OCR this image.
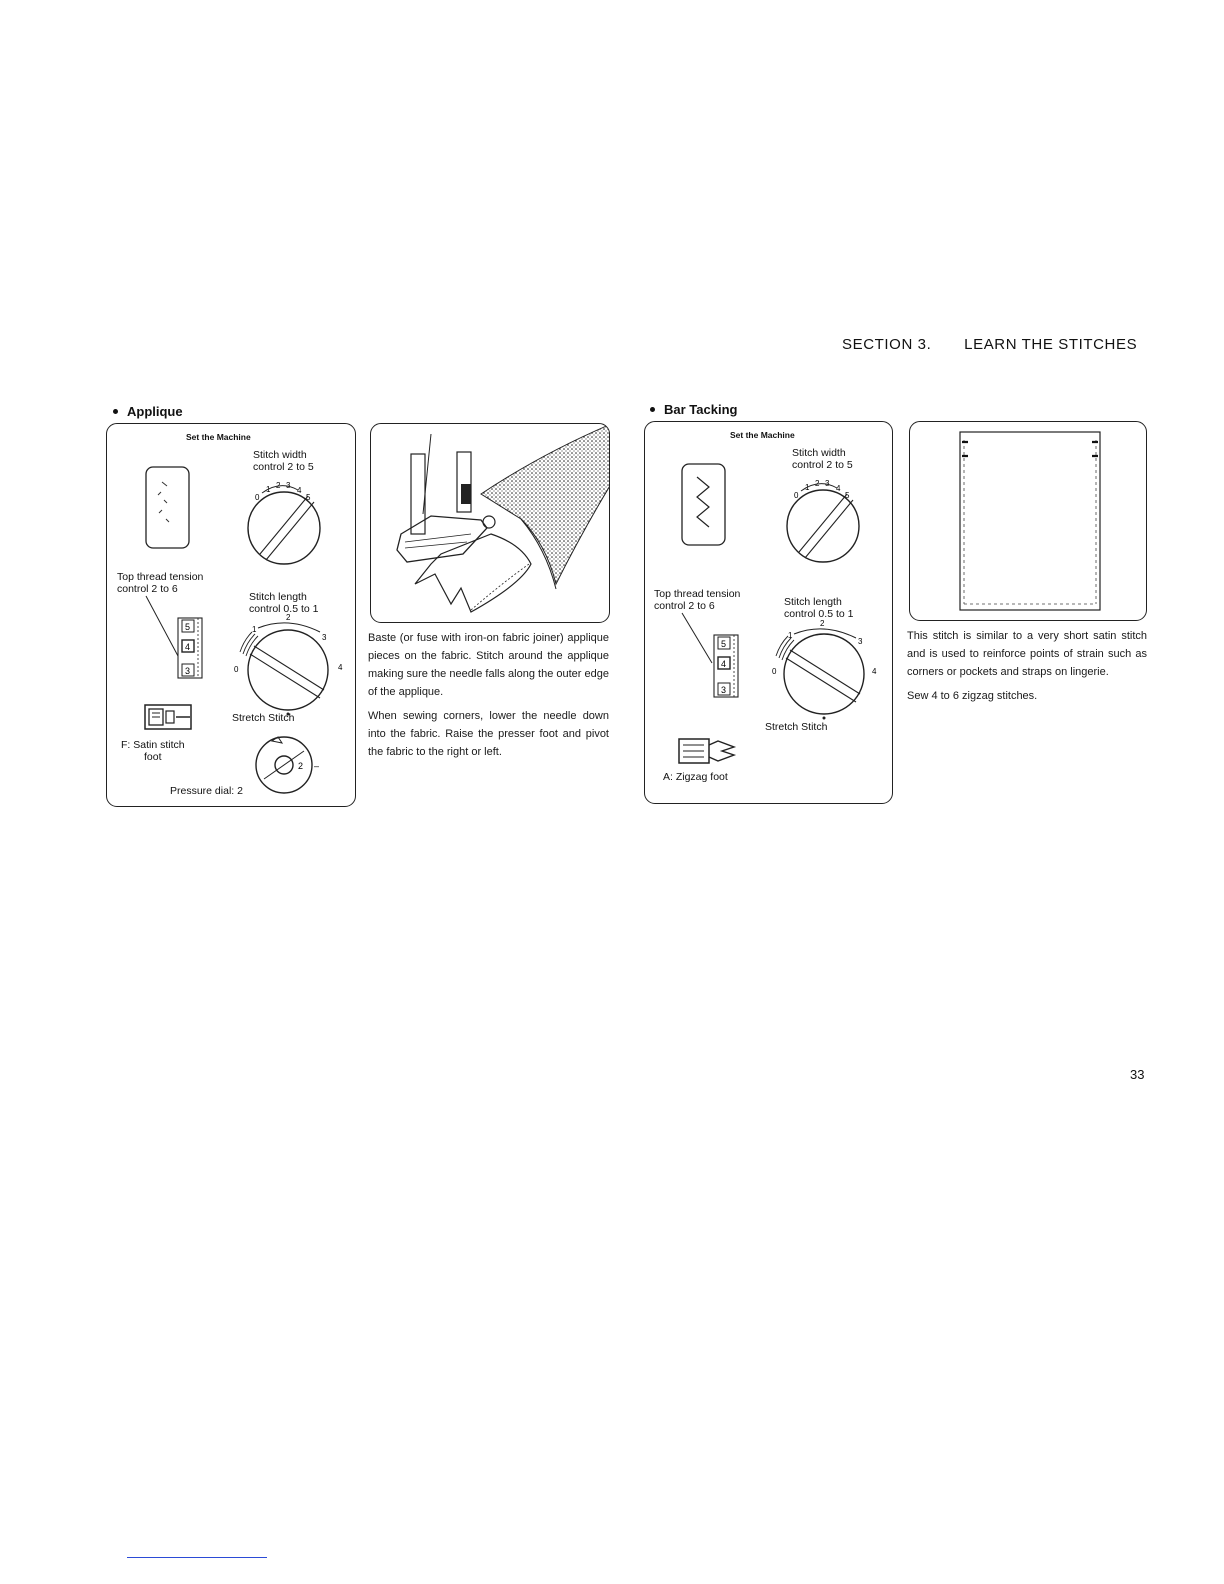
SECTION 3. LEARN THE STITCHES
Applique
Set the Machine
Stitch width
control 2 to 5
0
1 2 3
4
5
Top thread tension
control 2 to 6
Stitch length
control 0.5 to 1
5
4
3
1
2
3
0	4
Stretch Stitch
F: Satin stitch
foot
2 –
Pressure dial: 2

Baste (or fuse with iron-on fabric joiner) applique pieces on the fabric. Stitch around the applique making sure the needle falls along the outer edge of the applique.

When sewing corners, lower the needle down into the fabric. Raise the presser foot and pivot the fabric to the right or left.

Bar Tacking
Set the Machine
Stitch width
control 2 to 5
0
1 2 3
4
5
Top thread tension
control 2 to 6	Stitch length
control 0.5 to 1
5
4
3
1
2
3
0	4
Stretch Stitch
A: Zigzag foot

This stitch is similar to a very short satin stitch and is used to reinforce points of strain such as corners or pockets and straps on lingerie.

Sew 4 to 6 zigzag stitches.

33
